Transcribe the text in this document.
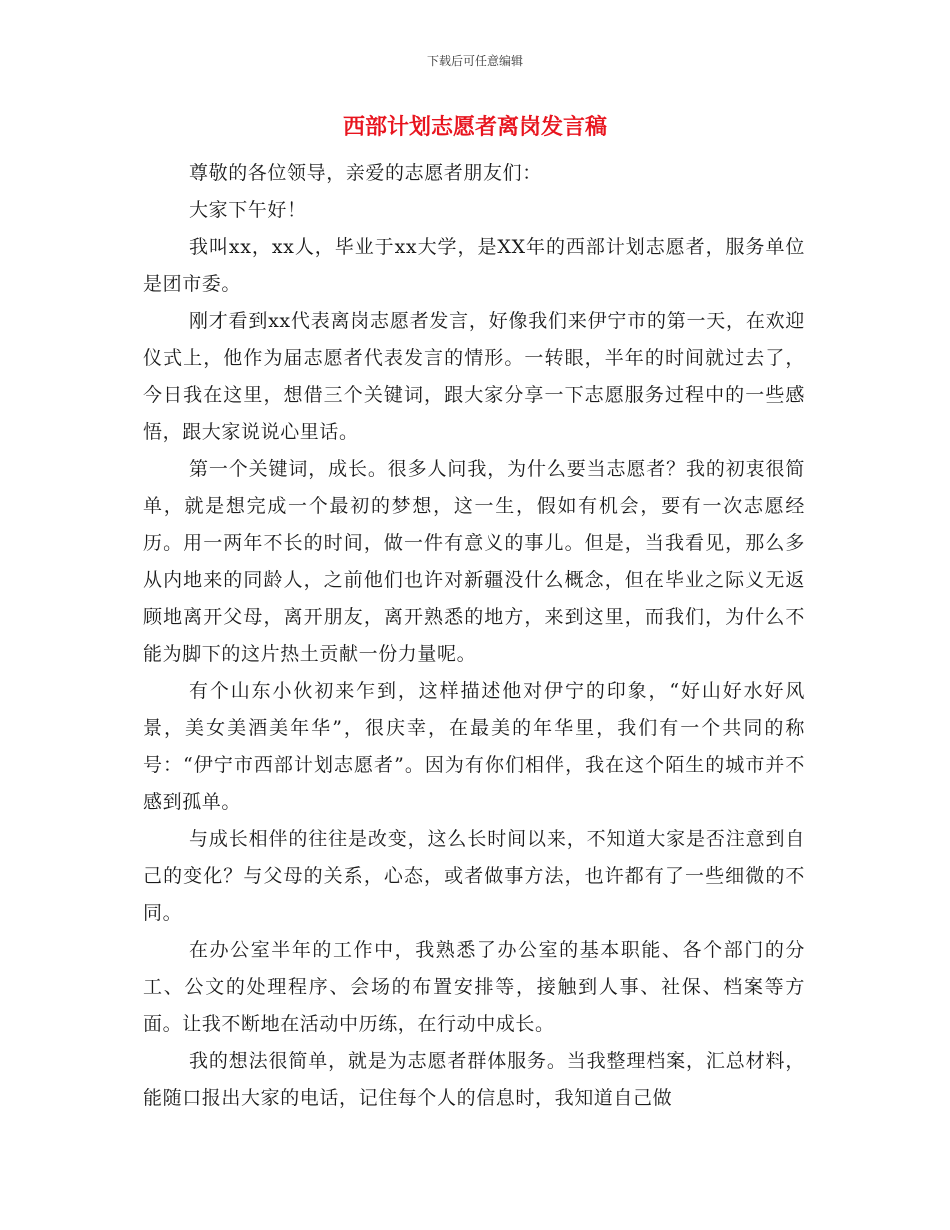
下载后可任意编辑
西部计划志愿者离岗发言稿

尊敬的各位领导，亲爱的志愿者朋友们：

大家下午好！

我叫xx，xx人，毕业于xx大学，是XX年的西部计划志愿者，服务单位是团市委。

刚才看到xx代表离岗志愿者发言，好像我们来伊宁市的第一天，在欢迎仪式上，他作为届志愿者代表发言的情形。一转眼，半年的时间就过去了，今日我在这里，想借三个关键词，跟大家分享一下志愿服务过程中的一些感悟，跟大家说说心里话。

第一个关键词，成长。很多人问我，为什么要当志愿者？我的初衷很简单，就是想完成一个最初的梦想，这一生，假如有机会，要有一次志愿经历。用一两年不长的时间，做一件有意义的事儿。但是，当我看见，那么多从内地来的同龄人，之前他们也许对新疆没什么概念，但在毕业之际义无返顾地离开父母，离开朋友，离开熟悉的地方，来到这里，而我们，为什么不能为脚下的这片热土贡献一份力量呢。

有个山东小伙初来乍到，这样描述他对伊宁的印象，“好山好水好风景，美女美酒美年华”，很庆幸，在最美的年华里，我们有一个共同的称号：“伊宁市西部计划志愿者”。因为有你们相伴，我在这个陌生的城市并不感到孤单。

与成长相伴的往往是改变，这么长时间以来，不知道大家是否注意到自己的变化？与父母的关系，心态，或者做事方法，也许都有了一些细微的不同。

在办公室半年的工作中，我熟悉了办公室的基本职能、各个部门的分工、公文的处理程序、会场的布置安排等，接触到人事、社保、档案等方面。让我不断地在活动中历练，在行动中成长。

我的想法很简单，就是为志愿者群体服务。当我整理档案，汇总材料，能随口报出大家的电话，记住每个人的信息时，我知道自己做
